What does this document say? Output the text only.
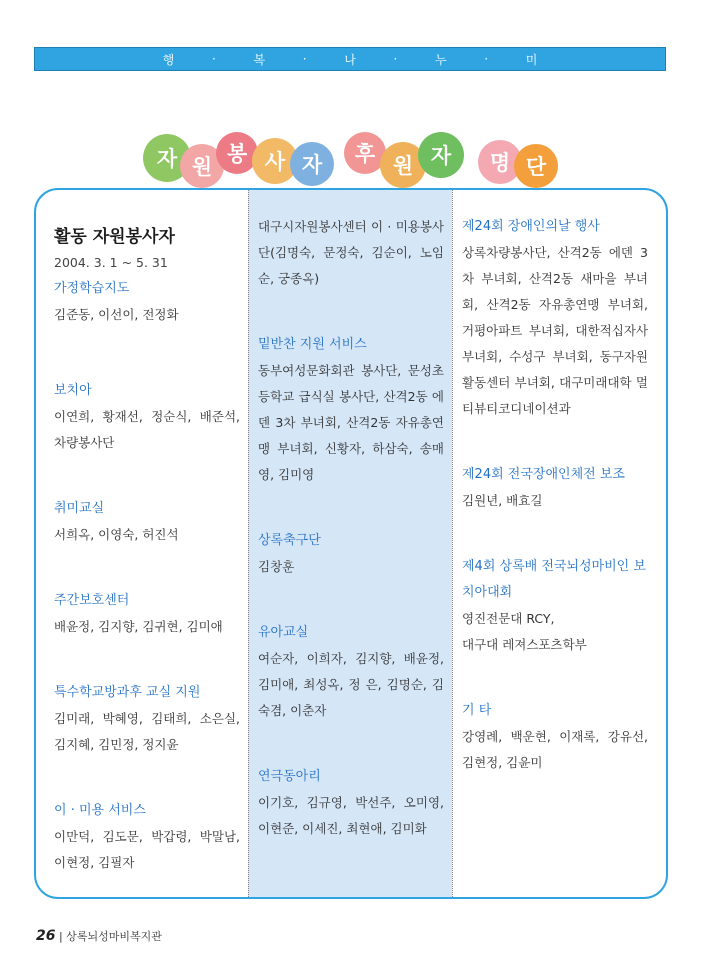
행	·	복	·	나	·	누	·	미
자 원
봉 사 자 ,
후 원 자	명 단
활동 자원봉사자
2004. 3. 1 ~ 5. 31
가정학습지도
김준동, 이선이, 전정화
보치아
이연희, 황재선, 정순식, 배준석, 차량봉사단
취미교실
서희옥, 이영숙, 허진석
주간보호센터
배윤정, 김지향, 김귀현, 김미애
특수학교방과후 교실 지원
김미래, 박혜영, 김태희, 소은실, 김지혜, 김민정, 정지윤
이 · 미용 서비스
이만덕, 김도문, 박갑령, 박말남, 이현정, 김필자
대구시자원봉사센터 이 · 미용봉사단(김명숙, 문정숙, 김순이, 노임순, 궁종옥)
밑반찬 지원 서비스
동부여성문화회관 봉사단, 문성초등학교 급식실 봉사단, 산격2동 에덴 3차 부녀회, 산격2동 자유총연맹 부녀회, 신황자, 하삼숙, 송매영, 김미영
상록축구단
김창훈
유아교실
여순자, 이희자, 김지향, 배윤정, 김미애, 최성옥, 정 은, 김명순, 김숙겸, 이춘자
연극동아리
이기호, 김규영, 박선주, 오미영, 이현준, 이세진, 최현애, 김미화
제24회 장애인의날 행사
상록차량봉사단, 산격2동 에덴 3차 부녀회, 산격2동 새마을 부녀회, 산격2동 자유총연맹 부녀회, 거평아파트 부녀회, 대한적십자사 부녀회, 수성구 부녀회, 동구자원활동센터 부녀회, 대구미래대학 멀티뷰티코디네이션과
제24회 전국장애인체전 보조
김원년, 배효길
제4회 상록배 전국뇌성마비인 보치아대회
영진전문대 RCY,
대구대 레져스포츠학부
기 타
강영례, 백운현, 이재록, 강유선, 김현정, 김윤미
26 | 상록뇌성마비복지관
